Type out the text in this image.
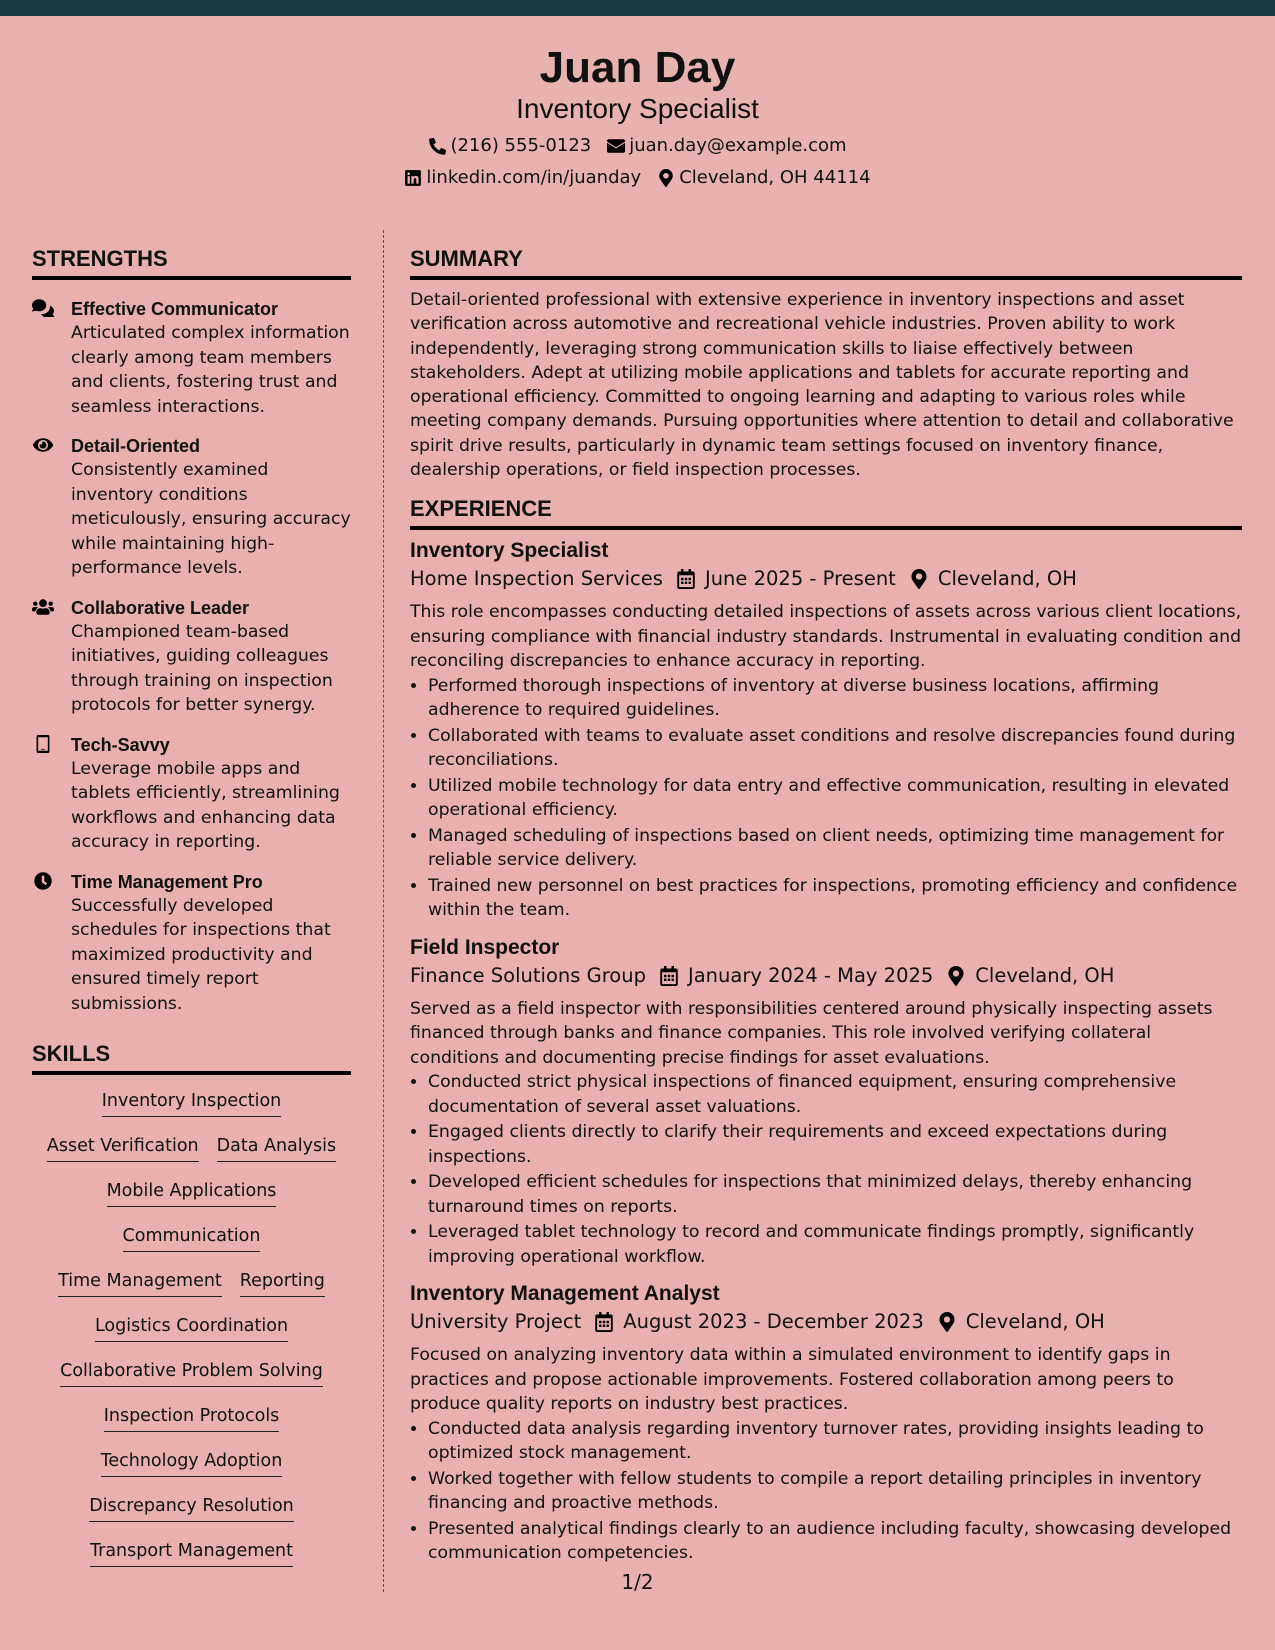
Juan Day
Inventory Specialist
(216) 555-0123 juan.day@example.com
linkedin.com/in/juanday Cleveland, OH 44114
STRENGTHS
Effective Communicator
Articulated complex information clearly among team members and clients, fostering trust and seamless interactions.
Detail-Oriented
Consistently examined inventory conditions meticulously, ensuring accuracy while maintaining high-performance levels.
Collaborative Leader
Championed team-based initiatives, guiding colleagues through training on inspection protocols for better synergy.
Tech-Savvy
Leverage mobile apps and tablets efficiently, streamlining workflows and enhancing data accuracy in reporting.
Time Management Pro
Successfully developed schedules for inspections that maximized productivity and ensured timely report submissions.
SKILLS
Inventory Inspection
Asset Verification Data Analysis
Mobile Applications
Communication
Time Management Reporting
Logistics Coordination
Collaborative Problem Solving
Inspection Protocols
Technology Adoption
Discrepancy Resolution
Transport Management
SUMMARY
Detail-oriented professional with extensive experience in inventory inspections and asset verification across automotive and recreational vehicle industries. Proven ability to work independently, leveraging strong communication skills to liaise effectively between stakeholders. Adept at utilizing mobile applications and tablets for accurate reporting and operational efficiency. Committed to ongoing learning and adapting to various roles while meeting company demands. Pursuing opportunities where attention to detail and collaborative spirit drive results, particularly in dynamic team settings focused on inventory finance, dealership operations, or field inspection processes.
EXPERIENCE
Inventory Specialist
Home Inspection Services June 2025 - Present Cleveland, OH
This role encompasses conducting detailed inspections of assets across various client locations, ensuring compliance with financial industry standards. Instrumental in evaluating condition and reconciling discrepancies to enhance accuracy in reporting.
• Performed thorough inspections of inventory at diverse business locations, affirming adherence to required guidelines.
• Collaborated with teams to evaluate asset conditions and resolve discrepancies found during reconciliations.
• Utilized mobile technology for data entry and effective communication, resulting in elevated operational efficiency.
• Managed scheduling of inspections based on client needs, optimizing time management for reliable service delivery.
• Trained new personnel on best practices for inspections, promoting efficiency and confidence within the team.
Field Inspector
Finance Solutions Group January 2024 - May 2025 Cleveland, OH
Served as a field inspector with responsibilities centered around physically inspecting assets financed through banks and finance companies. This role involved verifying collateral conditions and documenting precise findings for asset evaluations.
• Conducted strict physical inspections of financed equipment, ensuring comprehensive documentation of several asset valuations.
• Engaged clients directly to clarify their requirements and exceed expectations during inspections.
• Developed efficient schedules for inspections that minimized delays, thereby enhancing turnaround times on reports.
• Leveraged tablet technology to record and communicate findings promptly, significantly improving operational workflow.
Inventory Management Analyst
University Project August 2023 - December 2023 Cleveland, OH
Focused on analyzing inventory data within a simulated environment to identify gaps in practices and propose actionable improvements. Fostered collaboration among peers to produce quality reports on industry best practices.
• Conducted data analysis regarding inventory turnover rates, providing insights leading to optimized stock management.
• Worked together with fellow students to compile a report detailing principles in inventory financing and proactive methods.
• Presented analytical findings clearly to an audience including faculty, showcasing developed communication competencies.
1/2
